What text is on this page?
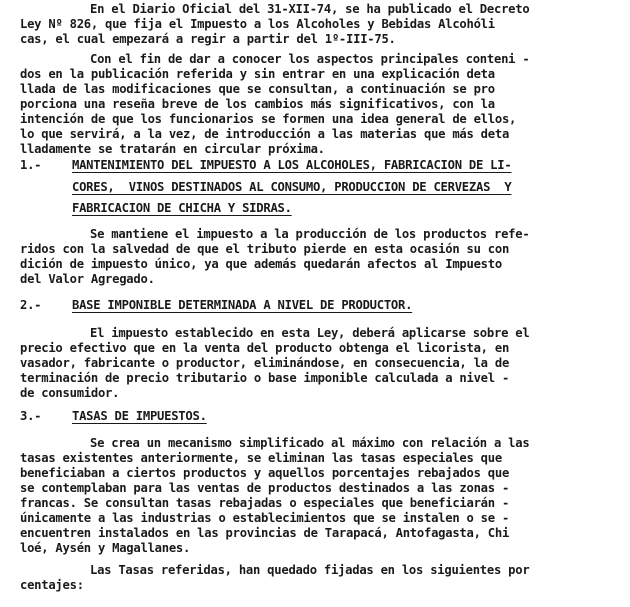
En el Diario Oficial del 31-XII-74, se ha publicado el Decreto
Ley Nº 826, que fija el Impuesto a los Alcoholes y Bebidas Alcohóli
cas, el cual empezará a regir a partir del 1º-III-75.
Con el fin de dar a conocer los aspectos principales conteni -
dos en la publicación referida y sin entrar en una explicación deta
llada de las modificaciones que se consultan, a continuación se pro
porciona una reseña breve de los cambios más significativos, con la
intención de que los funcionarios se formen una idea general de ellos,
lo que servirá, a la vez, de introducción a las materias que más deta
lladamente se tratarán en circular próxima.
1.-	MANTENIMIENTO DEL IMPUESTO A LOS ALCOHOLES, FABRICACION DE LI-
CORES,  VINOS DESTINADOS AL CONSUMO, PRODUCCION DE CERVEZAS  Y
FABRICACION DE CHICHA Y SIDRAS.
Se mantiene el impuesto a la producción de los productos refe-
ridos con la salvedad de que el tributo pierde en esta ocasión su con
dición de impuesto único, ya que además quedarán afectos al Impuesto
del Valor Agregado.
2.-	BASE IMPONIBLE DETERMINADA A NIVEL DE PRODUCTOR.
El impuesto establecido en esta Ley, deberá aplicarse sobre el
precio efectivo que en la venta del producto obtenga el licorista, en
vasador, fabricante o productor, eliminándose, en consecuencia, la de
terminación de precio tributario o base imponible calculada a nivel -
de consumidor.
3.-	TASAS DE IMPUESTOS.
Se crea un mecanismo simplificado al máximo con relación a las
tasas existentes anteriormente, se eliminan las tasas especiales que
beneficiaban a ciertos productos y aquellos porcentajes rebajados que
se contemplaban para las ventas de productos destinados a las zonas -
francas. Se consultan tasas rebajadas o especiales que beneficiarán -
únicamente a las industrias o establecimientos que se instalen o se -
encuentren instalados en las provincias de Tarapacá, Antofagasta, Chi
loé, Aysén y Magallanes.
Las Tasas referidas, han quedado fijadas en los siguientes por
centajes:
